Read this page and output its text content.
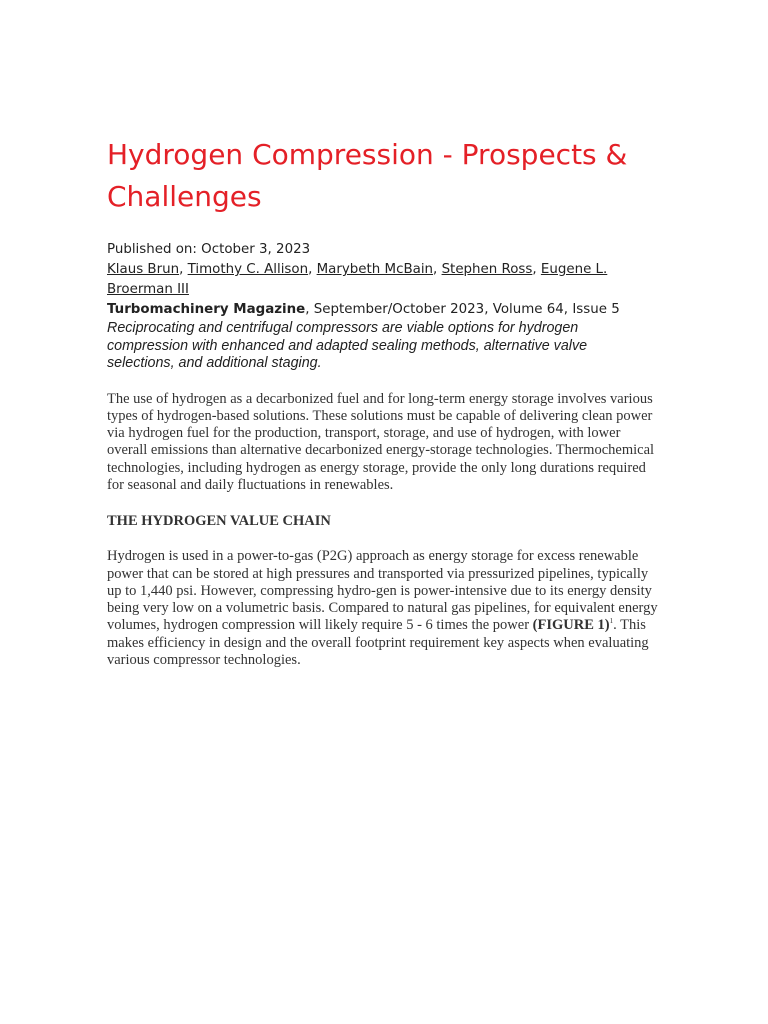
Hydrogen Compression - Prospects & Challenges
Published on: October 3, 2023
Klaus Brun, Timothy C. Allison, Marybeth McBain, Stephen Ross, Eugene L. Broerman III
Turbomachinery Magazine, September/October 2023, Volume 64, Issue 5

Reciprocating and centrifugal compressors are viable options for hydrogen compression with enhanced and adapted sealing methods, alternative valve selections, and additional staging.

The use of hydrogen as a decarbonized fuel and for long-term energy storage involves various types of hydrogen-based solutions. These solutions must be capable of delivering clean power via hydrogen fuel for the production, transport, storage, and use of hydrogen, with lower overall emissions than alternative decarbonized energy-storage technologies. Thermochemical technologies, including hydrogen as energy storage, provide the only long durations required for seasonal and daily fluctuations in renewables.

THE HYDROGEN VALUE CHAIN

Hydrogen is used in a power-to-gas (P2G) approach as energy storage for excess renewable power that can be stored at high pressures and transported via pressurized pipelines, typically up to 1,440 psi. However, compressing hydro-gen is power-intensive due to its energy density being very low on a volumetric basis. Compared to natural gas pipelines, for equivalent energy volumes, hydrogen compression will likely require 5 - 6 times the power (FIGURE 1)$^1$. This makes efficiency in design and the overall footprint requirement key aspects when evaluating various compressor technologies.
